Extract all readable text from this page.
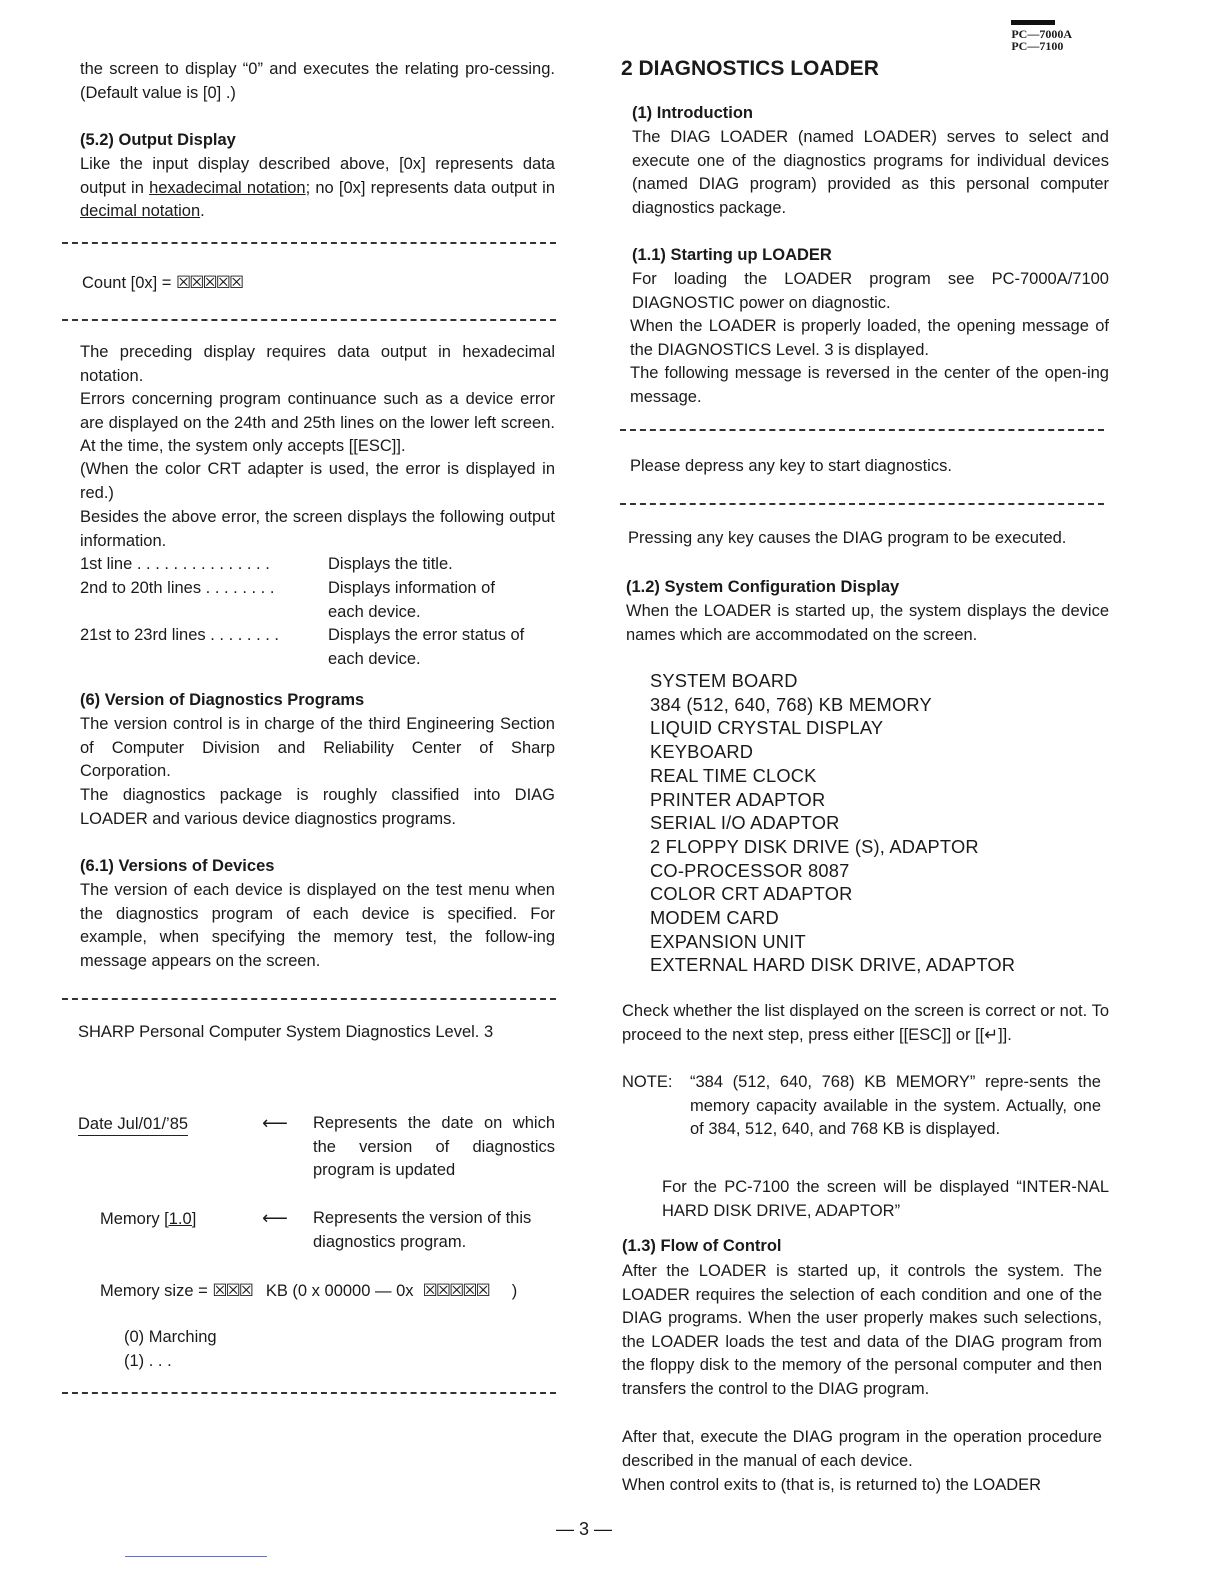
PC—7000A
PC—7100

the screen to display “0” and executes the relating pro-cessing. (Default value is [0] .)

(5.2) Output Display

Like the input display described above, [0x] represents data output in hexadecimal notation; no [0x] represents data output in decimal notation.

Count [0x] = ☒☒☒☒☒

The preceding display requires data output in hexadecimal notation.

Errors concerning program continuance such as a device error are displayed on the 24th and 25th lines on the lower left screen. At the time, the system only accepts [[ESC]].

(When the color CRT adapter is used, the error is displayed in red.)

Besides the above error, the screen displays the following output information.

1st line . . . . . . . . . . . . . . .	Displays the title.
2nd to 20th lines . . . . . . . .	Displays information of each device.
21st to 23rd lines . . . . . . . .	Displays the error status of each device.

(6) Version of Diagnostics Programs

The version control is in charge of the third Engineering Section of Computer Division and Reliability Center of Sharp Corporation.

The diagnostics package is roughly classified into DIAG LOADER and various device diagnostics programs.

(6.1) Versions of Devices

The version of each device is displayed on the test menu when the diagnostics program of each device is specified. For example, when specifying the memory test, the follow-ing message appears on the screen.

SHARP Personal Computer System Diagnostics Level. 3

Date Jul/01/’85	⟵ Represents the date on which the version of diagnostics program is updated

Memory [1.0]	⟵ Represents the version of this diagnostics program.

Memory size = ☒☒☒ KB (0 x 00000 — 0x ☒☒☒☒☒ )

(0) Marching

(1) . . .

2 DIAGNOSTICS LOADER

(1) Introduction

The DIAG LOADER (named LOADER) serves to select and execute one of the diagnostics programs for individual devices (named DIAG program) provided as this personal computer diagnostics package.

(1.1) Starting up LOADER

For loading the LOADER program see PC-7000A/7100 DIAGNOSTIC power on diagnostic.

When the LOADER is properly loaded, the opening message of the DIAGNOSTICS Level. 3 is displayed.

The following message is reversed in the center of the open-ing message.

Please depress any key to start diagnostics.

Pressing any key causes the DIAG program to be executed.

(1.2) System Configuration Display

When the LOADER is started up, the system displays the device names which are accommodated on the screen.

SYSTEM BOARD
384 (512, 640, 768) KB MEMORY
LIQUID CRYSTAL DISPLAY
KEYBOARD
REAL TIME CLOCK
PRINTER ADAPTOR
SERIAL I/O ADAPTOR
2 FLOPPY DISK DRIVE (S), ADAPTOR
CO-PROCESSOR 8087
COLOR CRT ADAPTOR
MODEM CARD
EXPANSION UNIT
EXTERNAL HARD DISK DRIVE, ADAPTOR

Check whether the list displayed on the screen is correct or not. To proceed to the next step, press either [[ESC]] or [[↵]].

NOTE: “384 (512, 640, 768) KB MEMORY” repre-sents the memory capacity available in the system. Actually, one of 384, 512, 640, and 768 KB is displayed.

For the PC-7100 the screen will be displayed “INTER-NAL HARD DISK DRIVE, ADAPTOR”

(1.3) Flow of Control

After the LOADER is started up, it controls the system. The LOADER requires the selection of each condition and one of the DIAG programs. When the user properly makes such selections, the LOADER loads the test and data of the DIAG program from the floppy disk to the memory of the personal computer and then transfers the control to the DIAG program.

After that, execute the DIAG program in the operation procedure described in the manual of each device.

When control exits to (that is, is returned to) the LOADER

— 3 —
